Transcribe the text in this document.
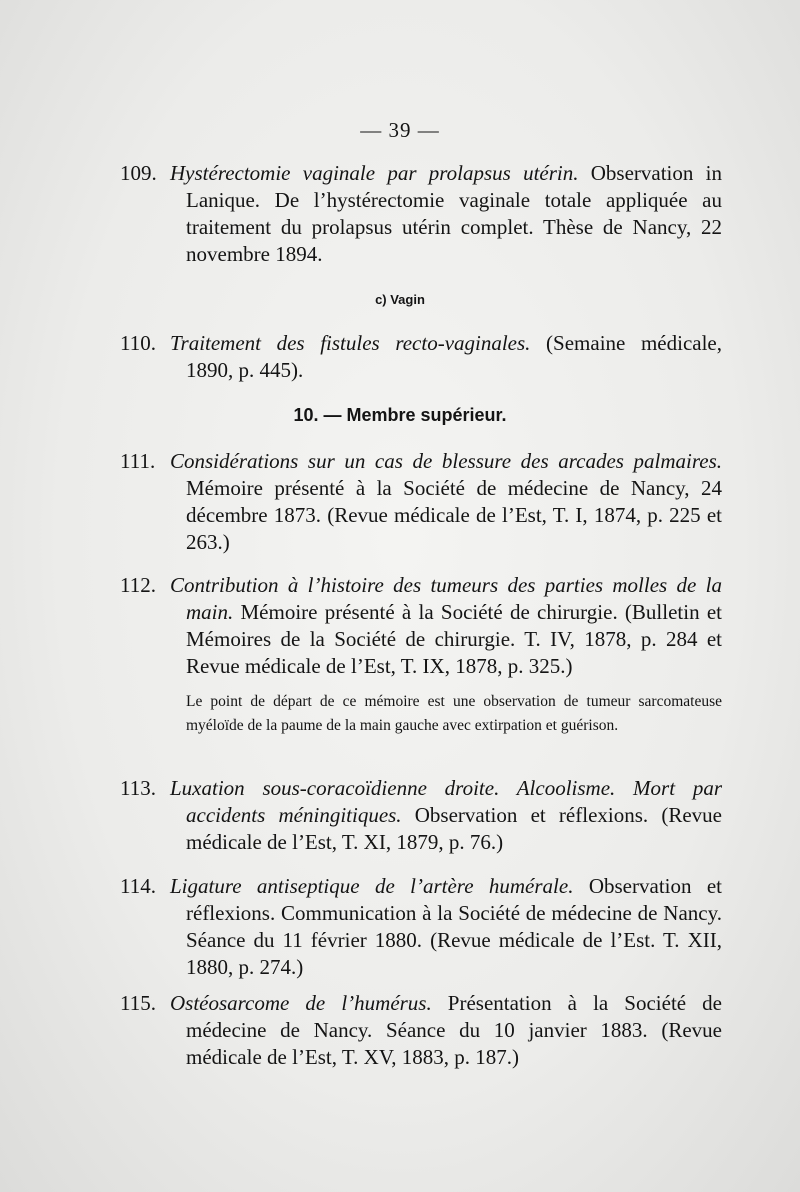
— 39 —
109. Hystérectomie vaginale par prolapsus utérin. Observation in Lanique. De l’hystérectomie vaginale totale appliquée au traitement du prolapsus utérin complet. Thèse de Nancy, 22 novembre 1894.
c) Vagin
110. Traitement des fistules recto-vaginales. (Semaine médicale, 1890, p. 445).
10. — Membre supérieur.
111. Considérations sur un cas de blessure des arcades palmaires. Mémoire présenté à la Société de médecine de Nancy, 24 décembre 1873. (Revue médicale de l’Est, T. I, 1874, p. 225 et 263.)
112. Contribution à l’histoire des tumeurs des parties molles de la main. Mémoire présenté à la Société de chirurgie. (Bulletin et Mémoires de la Société de chirurgie. T. IV, 1878, p. 284 et Revue médicale de l’Est, T. IX, 1878, p. 325.)
Le point de départ de ce mémoire est une observation de tumeur sarcomateuse myéloïde de la paume de la main gauche avec extirpation et guérison.
113. Luxation sous-coracoïdienne droite. Alcoolisme. Mort par accidents méningitiques. Observation et réflexions. (Revue médicale de l’Est, T. XI, 1879, p. 76.)
114. Ligature antiseptique de l’artère humérale. Observation et réflexions. Communication à la Société de médecine de Nancy. Séance du 11 février 1880. (Revue médicale de l’Est. T. XII, 1880, p. 274.)
115. Ostéosarcome de l’humérus. Présentation à la Société de médecine de Nancy. Séance du 10 janvier 1883. (Revue médicale de l’Est, T. XV, 1883, p. 187.)
